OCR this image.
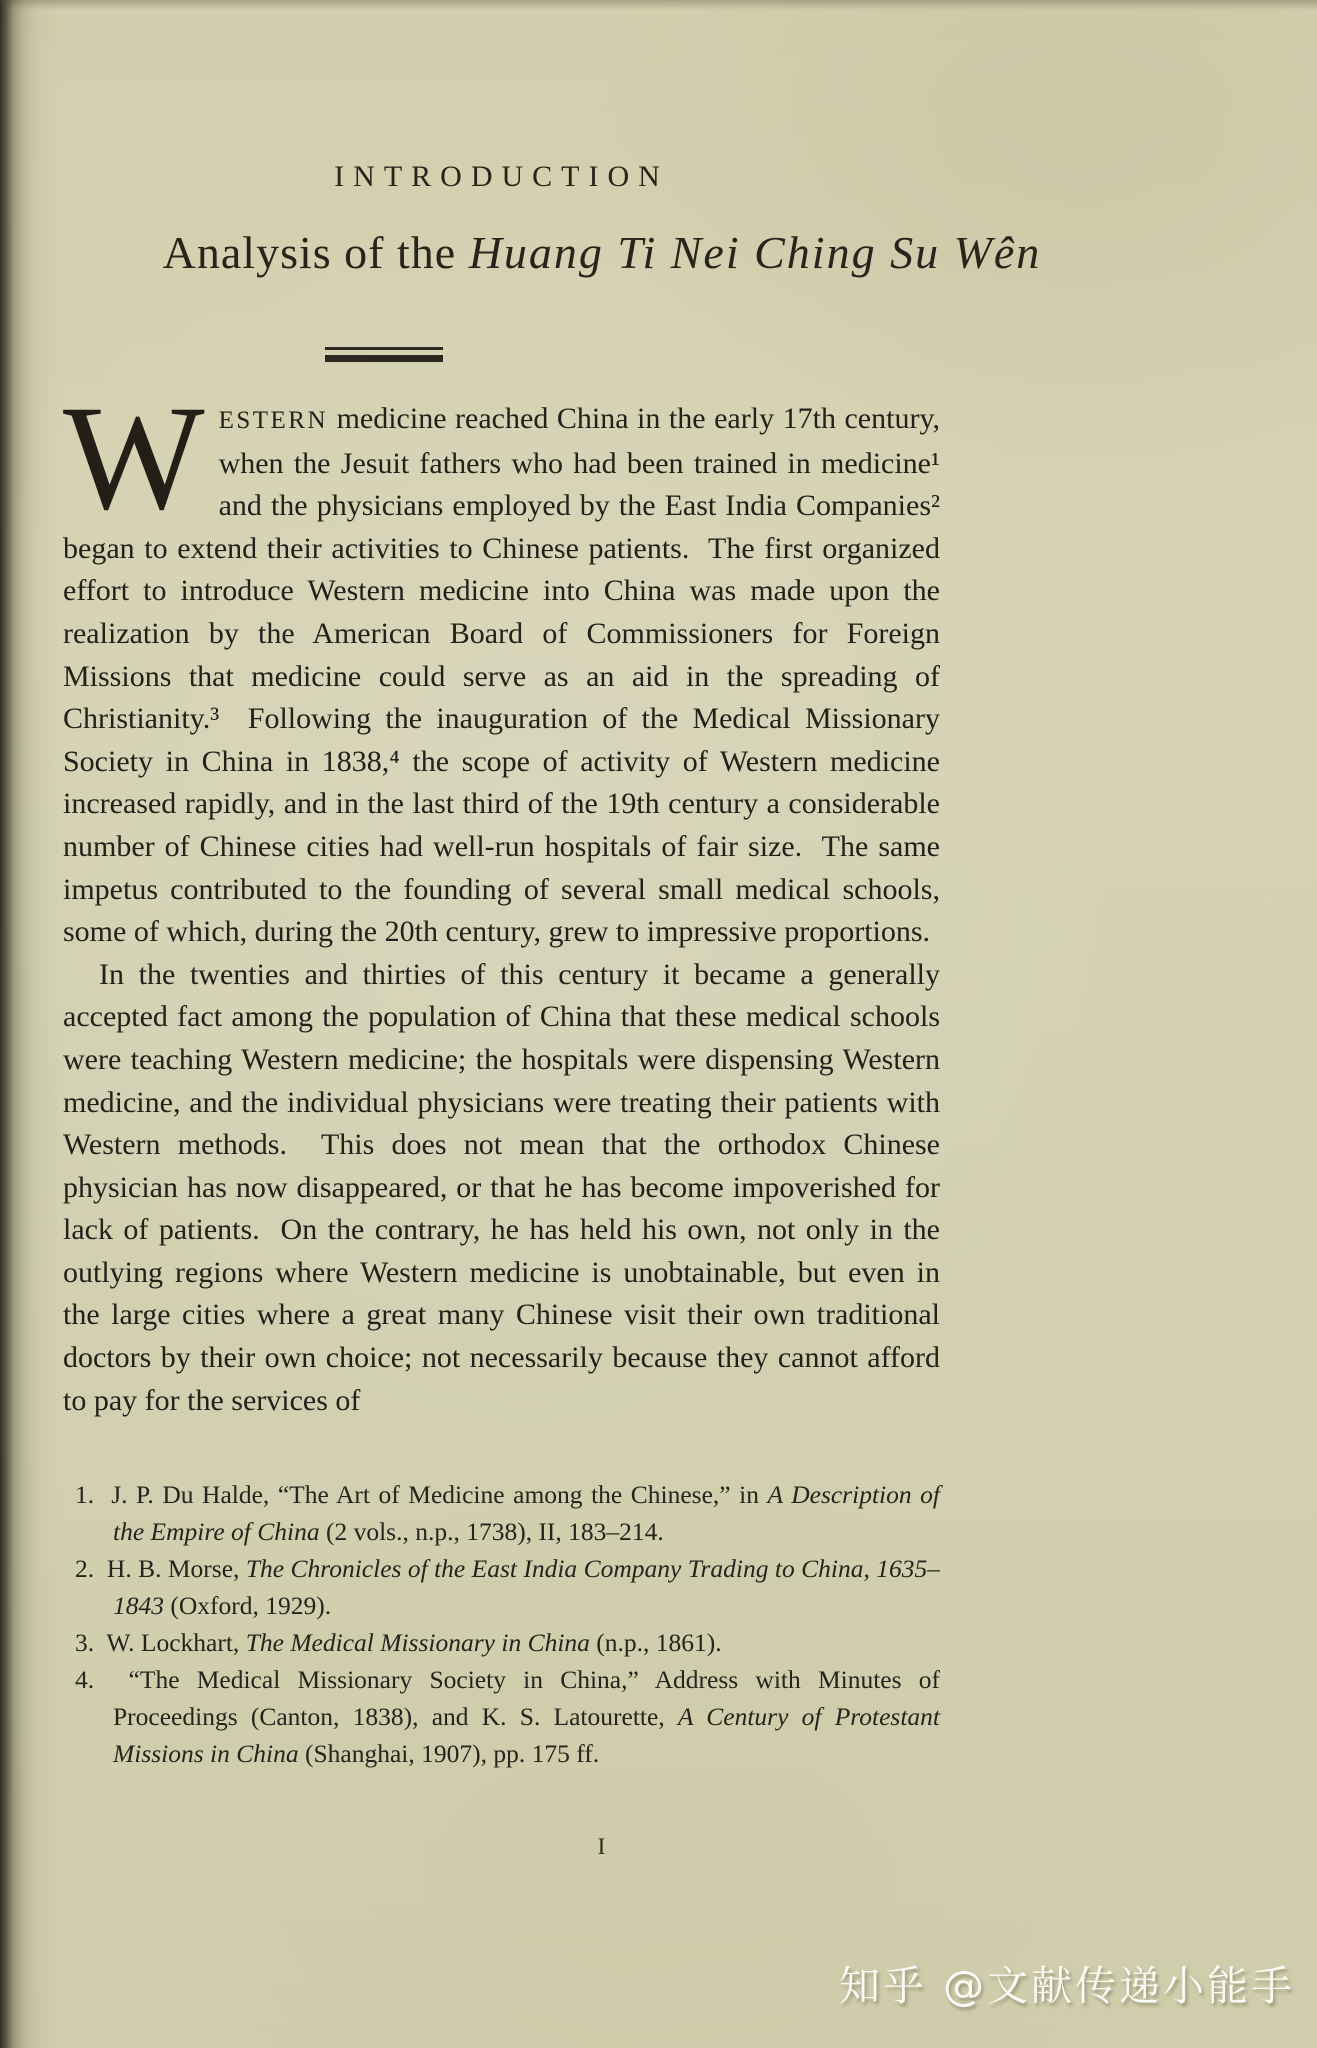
INTRODUCTION
Analysis of the Huang Ti Nei Ching Su Wên

WESTERN medicine reached China in the early 17th century, when the Jesuit fathers who had been trained in medicine¹ and the physicians employed by the East India Companies² began to extend their activities to Chinese patients.  The first organized effort to introduce Western medicine into China was made upon the realization by the American Board of Commissioners for Foreign Missions that medicine could serve as an aid in the spreading of Christianity.³  Following the inauguration of the Medical Missionary Society in China in 1838,⁴ the scope of activity of Western medicine increased rapidly, and in the last third of the 19th century a considerable number of Chinese cities had well-run hospitals of fair size.  The same impetus contributed to the founding of several small medical schools, some of which, during the 20th century, grew to impressive proportions.

In the twenties and thirties of this century it became a generally accepted fact among the population of China that these medical schools were teaching Western medicine; the hospitals were dispensing Western medicine, and the individual physicians were treating their patients with Western methods.  This does not mean that the orthodox Chinese physician has now disappeared, or that he has become impoverished for lack of patients.  On the contrary, he has held his own, not only in the outlying regions where Western medicine is unobtainable, but even in the large cities where a great many Chinese visit their own traditional doctors by their own choice; not necessarily because they cannot afford to pay for the services of

1.  J. P. Du Halde, “The Art of Medicine among the Chinese,” in A Description of the Empire of China (2 vols., n.p., 1738), II, 183–214.
2.  H. B. Morse, The Chronicles of the East India Company Trading to China, 1635–1843 (Oxford, 1929).
3.  W. Lockhart, The Medical Missionary in China (n.p., 1861).
4.  “The Medical Missionary Society in China,” Address with Minutes of Proceedings (Canton, 1838), and K. S. Latourette, A Century of Protestant Missions in China (Shanghai, 1907), pp. 175 ff.
I
知乎 @文献传递小能手
